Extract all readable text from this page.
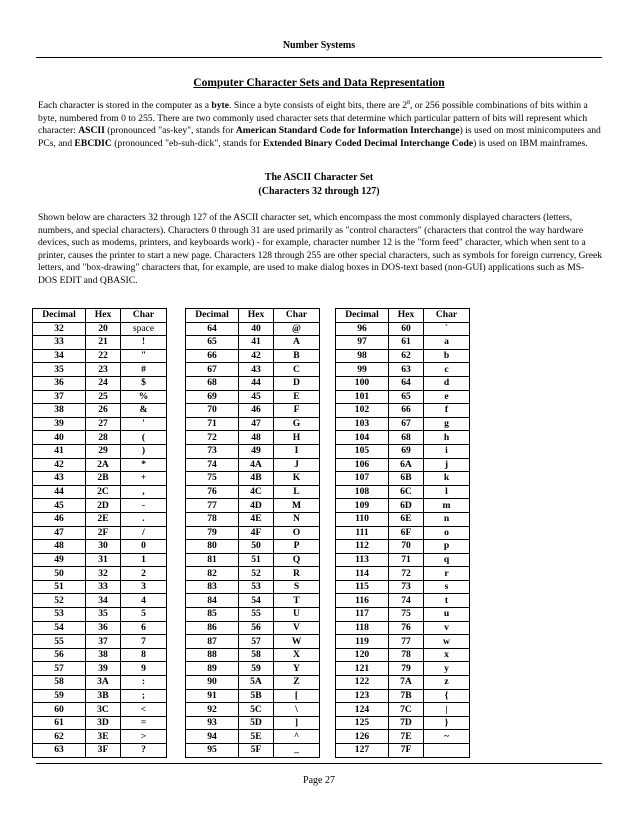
Number Systems
Computer Character Sets and Data Representation
Each character is stored in the computer as a byte. Since a byte consists of eight bits, there are $2^8$, or 256 possible combinations of bits within a byte, numbered from 0 to 255. There are two commonly used character sets that determine which particular pattern of bits will represent which character: ASCII (pronounced "as-key", stands for American Standard Code for Information Interchange) is used on most minicomputers and PCs, and EBCDIC (pronounced "eb-suh-dick", stands for Extended Binary Coded Decimal Interchange Code) is used on IBM mainframes.
The ASCII Character Set
(Characters 32 through 127)
Shown below are characters 32 through 127 of the ASCII character set, which encompass the most commonly displayed characters (letters, numbers, and special characters). Characters 0 through 31 are used primarily as "control characters" (characters that control the way hardware devices, such as modems, printers, and keyboards work) - for example, character number 12 is the "form feed" character, which when sent to a printer, causes the printer to start a new page. Characters 128 through 255 are other special characters, such as symbols for foreign currency, Greek letters, and "box-drawing" characters that, for example, are used to make dialog boxes in DOS-text based (non-GUI) applications such as MS-DOS EDIT and QBASIC.
Decimal	Hex	Char
32	20	space
33	21	!
34	22	"
35	23	#
36	24	$
37	25	%
38	26	&
39	27	'
40	28	(
41	29	)
42	2A	*
43	2B	+
44	2C	,
45	2D	-
46	2E	.
47	2F	/
48	30	0
49	31	1
50	32	2
51	33	3
52	34	4
53	35	5
54	36	6
55	37	7
56	38	8
57	39	9
58	3A	:
59	3B	;
60	3C	<
61	3D	=
62	3E	>
63	3F	?
Decimal	Hex	Char
64	40	@
65	41	A
66	42	B
67	43	C
68	44	D
69	45	E
70	46	F
71	47	G
72	48	H
73	49	I
74	4A	J
75	4B	K
76	4C	L
77	4D	M
78	4E	N
79	4F	O
80	50	P
81	51	Q
82	52	R
83	53	S
84	54	T
85	55	U
86	56	V
87	57	W
88	58	X
89	59	Y
90	5A	Z
91	5B	[
92	5C	\
93	5D	]
94	5E	^
95	5F	_
Decimal	Hex	Char
96	60	`
97	61	a
98	62	b
99	63	c
100	64	d
101	65	e
102	66	f
103	67	g
104	68	h
105	69	i
106	6A	j
107	6B	k
108	6C	l
109	6D	m
110	6E	n
111	6F	o
112	70	p
113	71	q
114	72	r
115	73	s
116	74	t
117	75	u
118	76	v
119	77	w
120	78	x
121	79	y
122	7A	z
123	7B	{
124	7C	|
125	7D	}
126	7E	~
127	7F	
Page 27
